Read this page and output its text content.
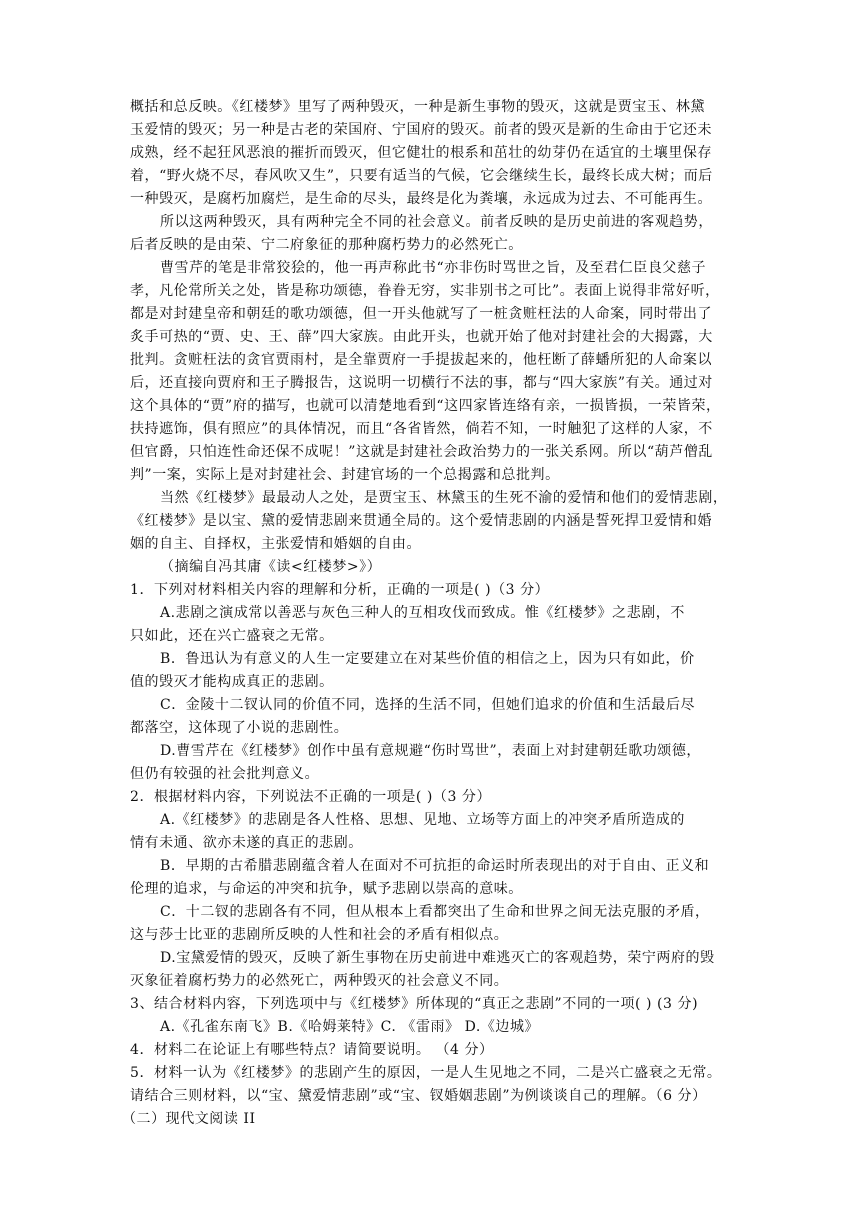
概括和总反映。《红楼梦》里写了两种毁灭，一种是新生事物的毁灭，这就是贾宝玉、林黛
玉爱情的毁灭；另一种是古老的荣国府、宁国府的毁灭。前者的毁灭是新的生命由于它还未
成熟，经不起狂风恶浪的摧折而毁灭，但它健壮的根系和茁壮的幼芽仍在适宜的土壤里保存
着，“野火烧不尽，春风吹又生”，只要有适当的气候，它会继续生长，最终长成大树；而后
一种毁灭，是腐朽加腐烂，是生命的尽头，最终是化为粪壤，永远成为过去、不可能再生。
所以这两种毁灭，具有两种完全不同的社会意义。前者反映的是历史前进的客观趋势，
后者反映的是由荣、宁二府象征的那种腐朽势力的必然死亡。
曹雪芹的笔是非常狡狯的，他一再声称此书“亦非伤时骂世之旨，及至君仁臣良父慈子
孝，凡伦常所关之处，皆是称功颂德，眷眷无穷，实非别书之可比”。表面上说得非常好听，
都是对封建皇帝和朝廷的歌功颂德，但一开头他就写了一桩贪赃枉法的人命案，同时带出了
炙手可热的“贾、史、王、薛”四大家族。由此开头，也就开始了他对封建社会的大揭露，大
批判。贪赃枉法的贪官贾雨村，是全靠贾府一手提拔起来的，他枉断了薛蟠所犯的人命案以
后，还直接向贾府和王子腾报告，这说明一切横行不法的事，都与“四大家族”有关。通过对
这个具体的“贾”府的描写，也就可以清楚地看到“这四家皆连络有亲，一损皆损，一荣皆荣，
扶持遮饰，俱有照应”的具体情况，而且“各省皆然，倘若不知，一时触犯了这样的人家，不
但官爵，只怕连性命还保不成呢！”这就是封建社会政治势力的一张关系网。所以“葫芦僧乱
判”一案，实际上是对封建社会、封建官场的一个总揭露和总批判。
当然《红楼梦》最最动人之处，是贾宝玉、林黛玉的生死不渝的爱情和他们的爱情悲剧，
《红楼梦》是以宝、黛的爱情悲剧来贯通全局的。这个爱情悲剧的内涵是誓死捍卫爱情和婚
姻的自主、自择权，主张爱情和婚姻的自由。
（摘编自冯其庸《读<红楼梦>》）
1．下列对材料相关内容的理解和分析，正确的一项是( )（3 分）
A.悲剧之演成常以善恶与灰色三种人的互相攻伐而致成。惟《红楼梦》之悲剧，不
只如此，还在兴亡盛衰之无常。
B．鲁迅认为有意义的人生一定要建立在对某些价值的相信之上，因为只有如此，价
值的毁灭才能构成真正的悲剧。
C．金陵十二钗认同的价值不同，选择的生活不同，但她们追求的价值和生活最后尽
都落空，这体现了小说的悲剧性。
D.曹雪芹在《红楼梦》创作中虽有意规避“伤时骂世”，表面上对封建朝廷歌功颂德，
但仍有较强的社会批判意义。
2．根据材料内容，下列说法不正确的一项是( )（3 分）
A.《红楼梦》的悲剧是各人性格、思想、见地、立场等方面上的冲突矛盾所造成的
情有未通、欲亦未遂的真正的悲剧。
B．早期的古希腊悲剧蕴含着人在面对不可抗拒的命运时所表现出的对于自由、正义和
伦理的追求，与命运的冲突和抗争，赋予悲剧以崇高的意味。
C．十二钗的悲剧各有不同，但从根本上看都突出了生命和世界之间无法克服的矛盾，
这与莎士比亚的悲剧所反映的人性和社会的矛盾有相似点。
D.宝黛爱情的毁灭，反映了新生事物在历史前进中难逃灭亡的客观趋势，荣宁两府的毁
灭象征着腐朽势力的必然死亡，两种毁灭的社会意义不同。
3、结合材料内容，下列选项中与《红楼梦》所体现的“真正之悲剧”不同的一项( ) (3 分)
A.《孔雀东南飞》B.《哈姆莱特》C. 《雷雨》 D.《边城》
4．材料二在论证上有哪些特点？请简要说明。 （4 分）
5．材料一认为《红楼梦》的悲剧产生的原因，一是人生见地之不同，二是兴亡盛衰之无常。
请结合三则材料，以“宝、黛爱情悲剧”或“宝、钗婚姻悲剧”为例谈谈自己的理解。（6 分）
（二）现代文阅读 II
